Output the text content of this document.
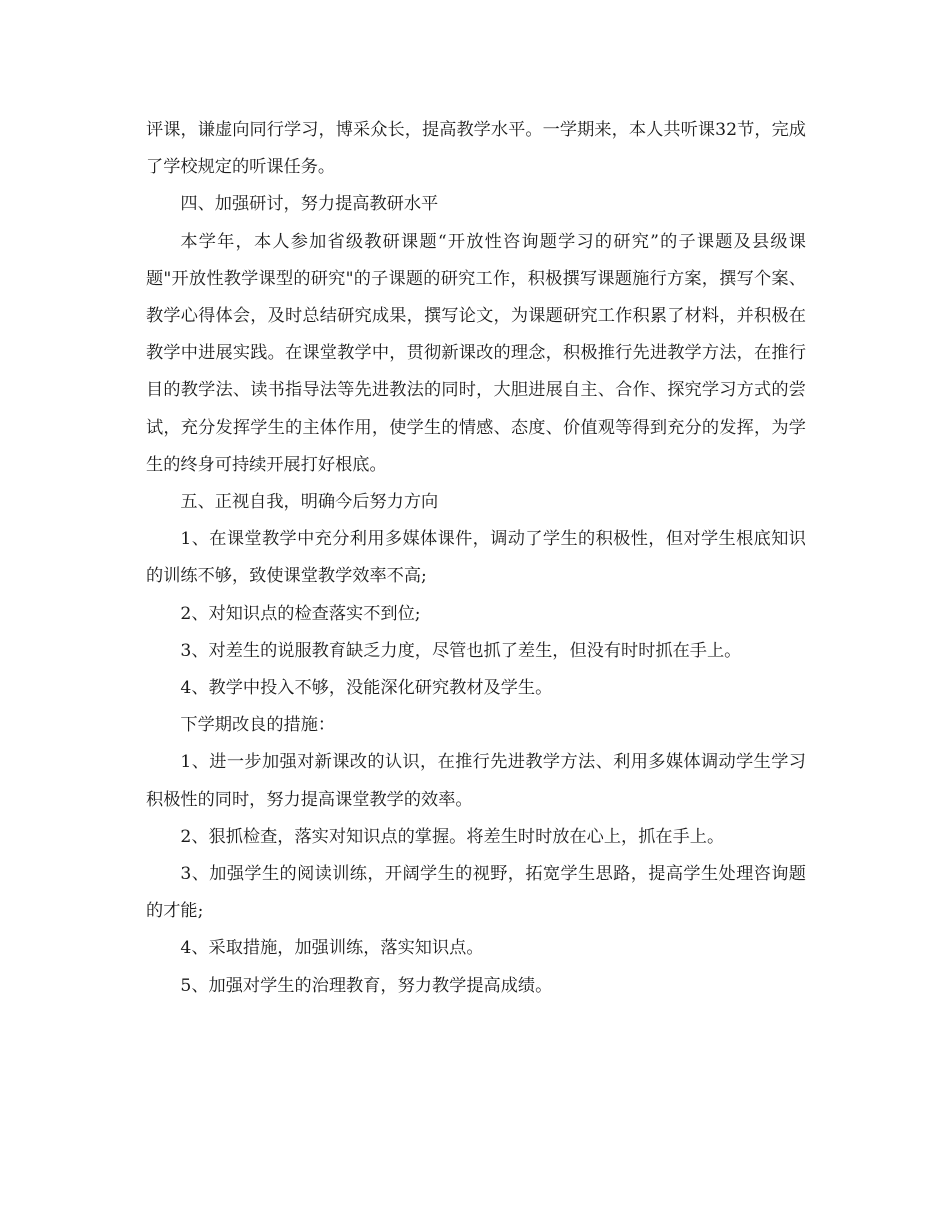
评课，谦虚向同行学习，博采众长，提高教学水平。一学期来，本人共听课32节，完成了学校规定的听课任务。

四、加强研讨，努力提高教研水平

本学年，本人参加省级教研课题“开放性咨询题学习的研究”的子课题及县级课题"开放性教学课型的研究"的子课题的研究工作，积极撰写课题施行方案，撰写个案、教学心得体会，及时总结研究成果，撰写论文，为课题研究工作积累了材料，并积极在教学中进展实践。在课堂教学中，贯彻新课改的理念，积极推行先进教学方法，在推行目的教学法、读书指导法等先进教法的同时，大胆进展自主、合作、探究学习方式的尝试，充分发挥学生的主体作用，使学生的情感、态度、价值观等得到充分的发挥，为学生的终身可持续开展打好根底。

五、正视自我，明确今后努力方向

1、在课堂教学中充分利用多媒体课件，调动了学生的积极性，但对学生根底知识的训练不够，致使课堂教学效率不高;

2、对知识点的检查落实不到位;

3、对差生的说服教育缺乏力度，尽管也抓了差生，但没有时时抓在手上。

4、教学中投入不够，没能深化研究教材及学生。

下学期改良的措施：

1、进一步加强对新课改的认识，在推行先进教学方法、利用多媒体调动学生学习积极性的同时，努力提高课堂教学的效率。

2、狠抓检查，落实对知识点的掌握。将差生时时放在心上，抓在手上。

3、加强学生的阅读训练，开阔学生的视野，拓宽学生思路，提高学生处理咨询题的才能;

4、采取措施，加强训练，落实知识点。

5、加强对学生的治理教育，努力教学提高成绩。
